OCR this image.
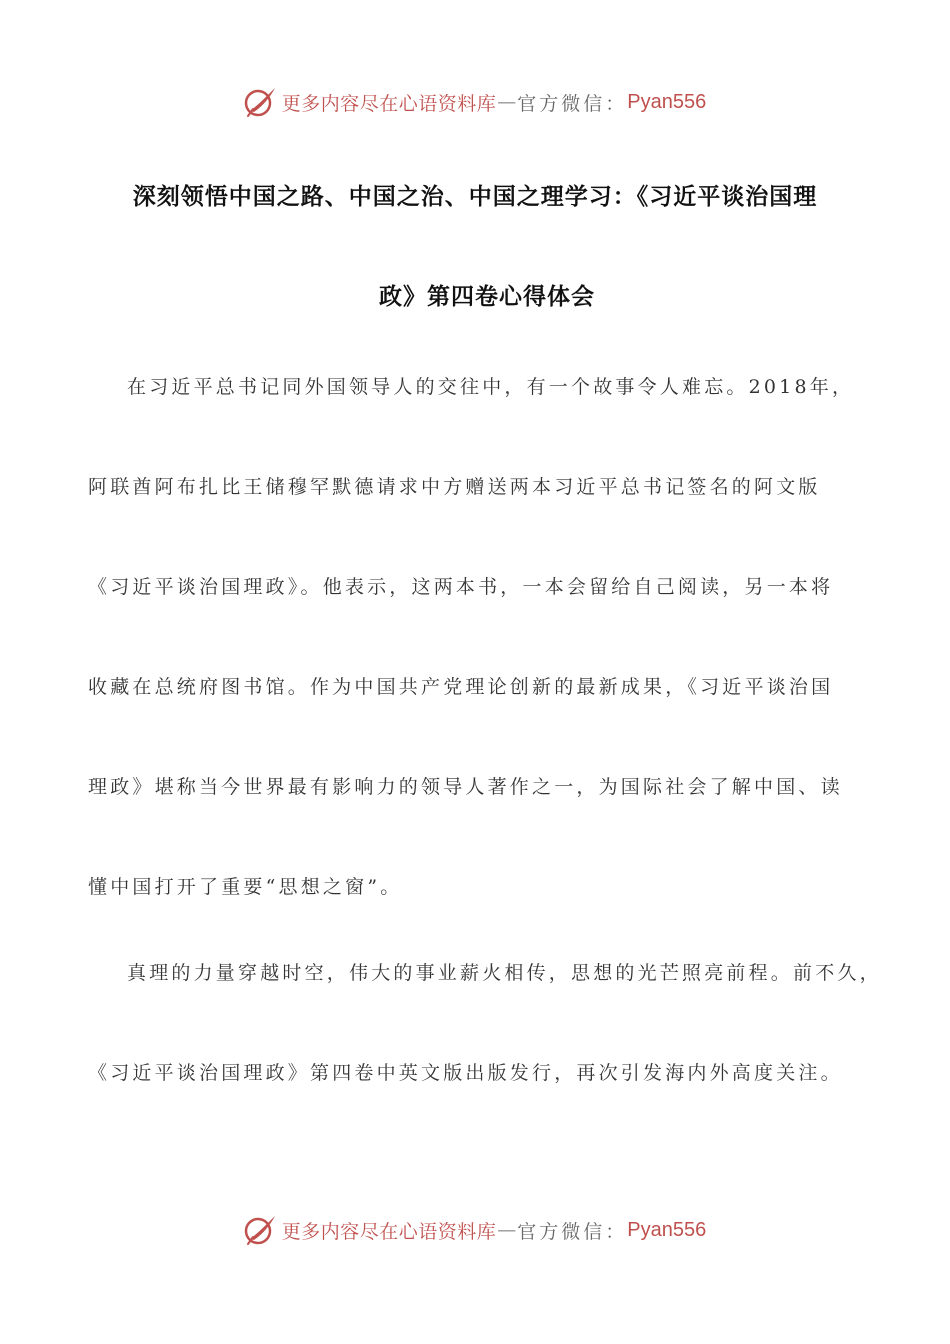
更多内容尽在心语资料库 — 官方微信： Pyan556
深刻领悟中国之路、中国之治、中国之理学习：《习近平谈治国理
政》第四卷心得体会
在习近平总书记同外国领导人的交往中，有一个故事令人难忘。2018年，
阿联酋阿布扎比王储穆罕默德请求中方赠送两本习近平总书记签名的阿文版
《习近平谈治国理政》。他表示，这两本书，一本会留给自己阅读，另一本将
收藏在总统府图书馆。作为中国共产党理论创新的最新成果，《习近平谈治国
理政》堪称当今世界最有影响力的领导人著作之一，为国际社会了解中国、读
懂中国打开了重要“思想之窗”。
真理的力量穿越时空，伟大的事业薪火相传，思想的光芒照亮前程。前不久，
《习近平谈治国理政》第四卷中英文版出版发行，再次引发海内外高度关注。
更多内容尽在心语资料库 — 官方微信： Pyan556
